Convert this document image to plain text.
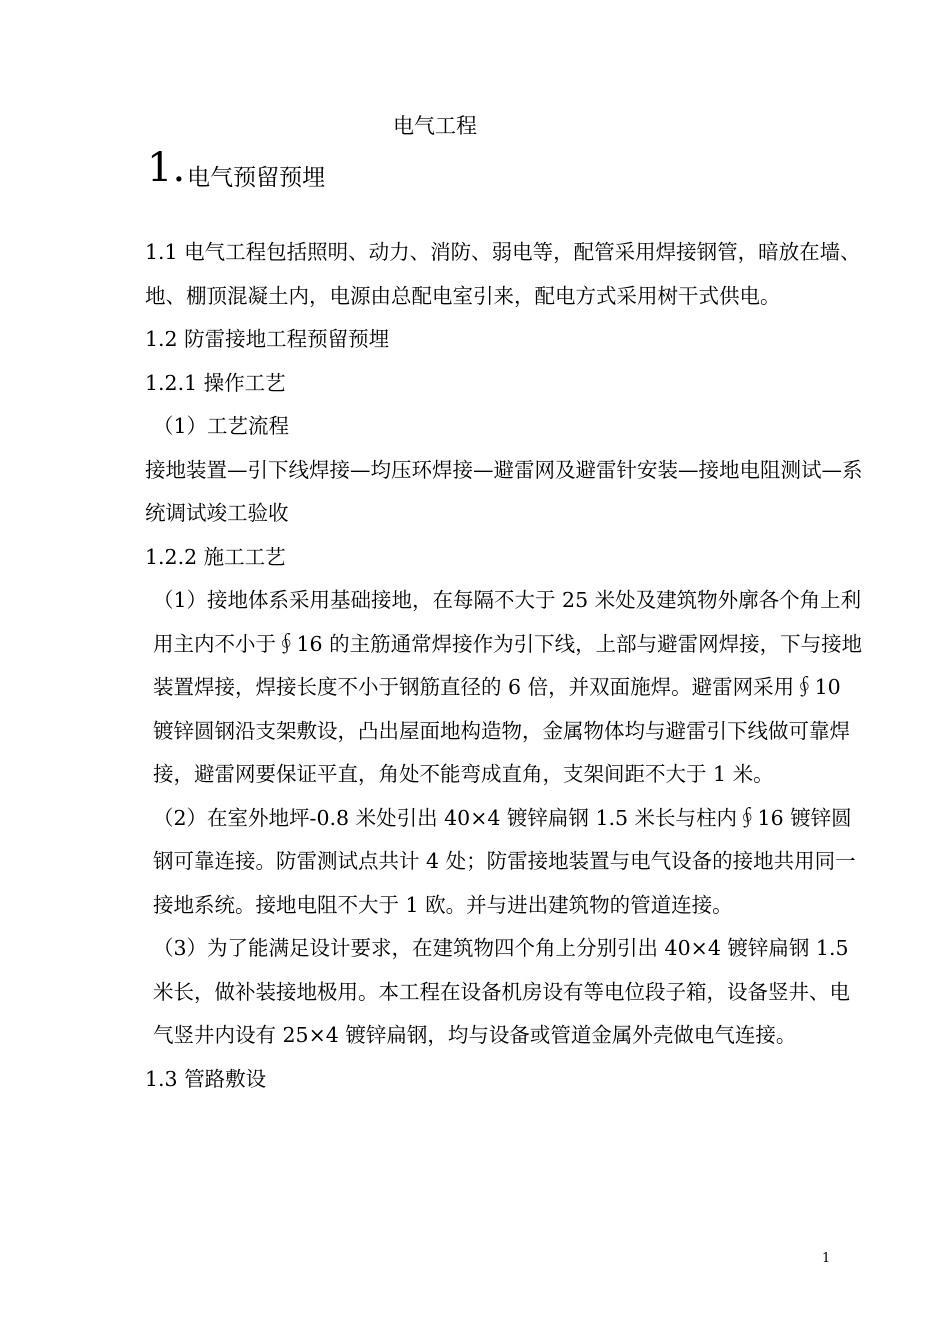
电气工程
1.电气预留预埋

1.1 电气工程包括照明、动力、消防、弱电等，配管采用焊接钢管，暗放在墙、地、棚顶混凝土内，电源由总配电室引来，配电方式采用树干式供电。

1.2 防雷接地工程预留预埋

1.2.1 操作工艺

（1）工艺流程

接地装置—引下线焊接—均压环焊接—避雷网及避雷针安装—接地电阻测试—系统调试竣工验收

1.2.2 施工工艺

（1）接地体系采用基础接地，在每隔不大于 25 米处及建筑物外廓各个角上利用主内不小于∮16 的主筋通常焊接作为引下线，上部与避雷网焊接，下与接地装置焊接，焊接长度不小于钢筋直径的 6 倍，并双面施焊。避雷网采用∮10 镀锌圆钢沿支架敷设，凸出屋面地构造物，金属物体均与避雷引下线做可靠焊接，避雷网要保证平直，角处不能弯成直角，支架间距不大于 1 米。

（2）在室外地坪-0.8 米处引出 40×4 镀锌扁钢 1.5 米长与柱内∮16 镀锌圆钢可靠连接。防雷测试点共计 4 处；防雷接地装置与电气设备的接地共用同一接地系统。接地电阻不大于 1 欧。并与进出建筑物的管道连接。

（3）为了能满足设计要求，在建筑物四个角上分别引出 40×4 镀锌扁钢 1.5 米长，做补装接地极用。本工程在设备机房设有等电位段子箱，设备竖井、电气竖井内设有 25×4 镀锌扁钢，均与设备或管道金属外壳做电气连接。

1.3 管路敷设

1
